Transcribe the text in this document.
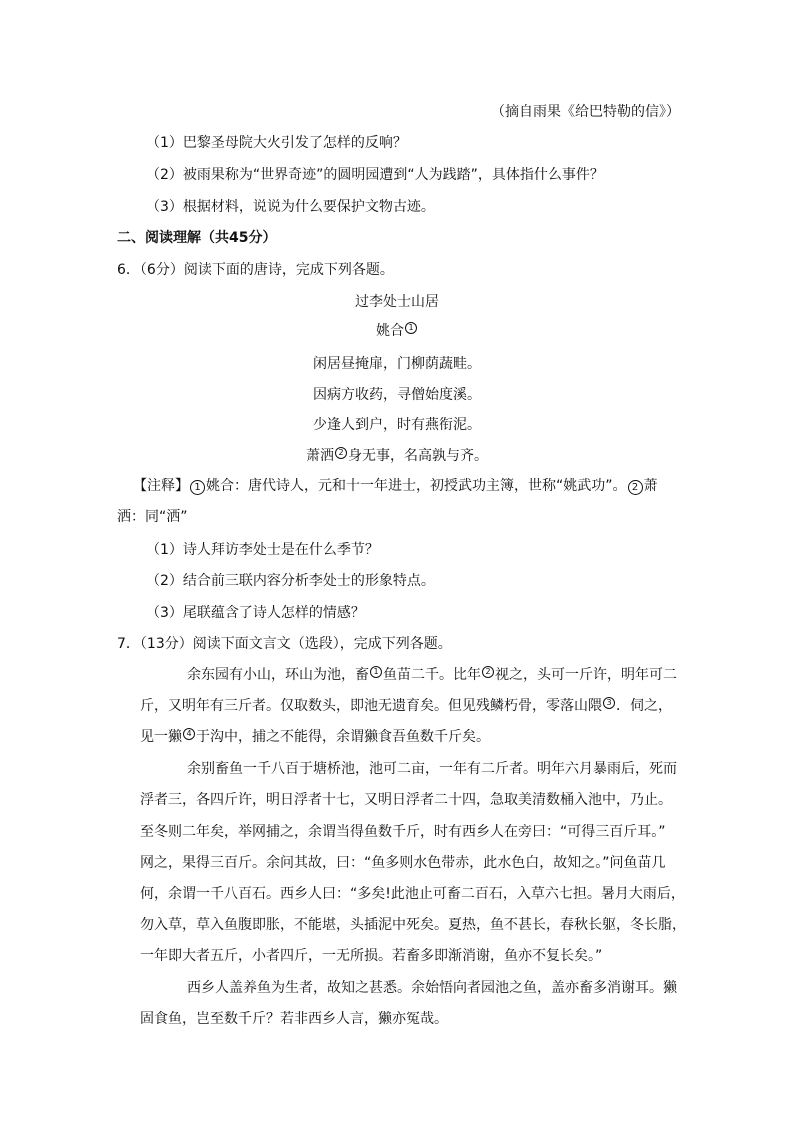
（摘自雨果《给巴特勒的信》）
（1）巴黎圣母院大火引发了怎样的反响？
（2）被雨果称为“世界奇迹”的圆明园遭到“人为践踏”，具体指什么事件？
（3）根据材料，说说为什么要保护文物古迹。
二、阅读理解（共45分）
6．（6分）阅读下面的唐诗，完成下列各题。
过李处士山居
姚合 1
闲居昼掩扉，门柳荫蔬畦。
因病方收药，寻僧始度溪。
少逢人到户，时有燕衔泥。
萧洒 2 身无事，名高孰与齐。
【注释】 1 姚合：唐代诗人，元和十一年进士，初授武功主簿，世称“姚武功”。 2 萧
洒：同“洒”
（1）诗人拜访李处士是在什么季节？
（2）结合前三联内容分析李处士的形象特点。
（3）尾联蕴含了诗人怎样的情感？
7．（13分）阅读下面文言文（选段），完成下列各题。
余东园有小山，环山为池，畜 1 鱼苗二千。比年 2 视之，头可一斤许，明年可二
斤，又明年有三斤者。仅取数头，即池无遗育矣。但见残鳞朽骨，零落山隈 3 ．伺之，
见一獭 4 于沟中，捕之不能得，余谓獭食吾鱼数千斤矣。
余别畜鱼一千八百于塘桥池，池可二亩，一年有二斤者。明年六月暴雨后，死而
浮者三，各四斤许，明日浮者十七，又明日浮者二十四，急取美清数桶入池中，乃止。
至冬则二年矣，举网捕之，余谓当得鱼数千斤，时有西乡人在旁曰：“可得三百斤耳。”
网之，果得三百斤。余问其故，曰：“鱼多则水色带赤，此水色白，故知之。”问鱼苗几
何，余谓一千八百石。西乡人曰：“多矣!此池止可畜二百石，入草六七担。暑月大雨后，
勿入草，草入鱼腹即胀，不能堪，头插泥中死矣。夏热，鱼不甚长，春秋长躯，冬长脂，
一年即大者五斤，小者四斤，一无所损。若畜多即渐消谢，鱼亦不复长矣。”
西乡人盖养鱼为生者，故知之甚悉。余始悟向者园池之鱼，盖亦畜多消谢耳。獭
固食鱼，岂至数千斤？若非西乡人言，獭亦冤哉。
